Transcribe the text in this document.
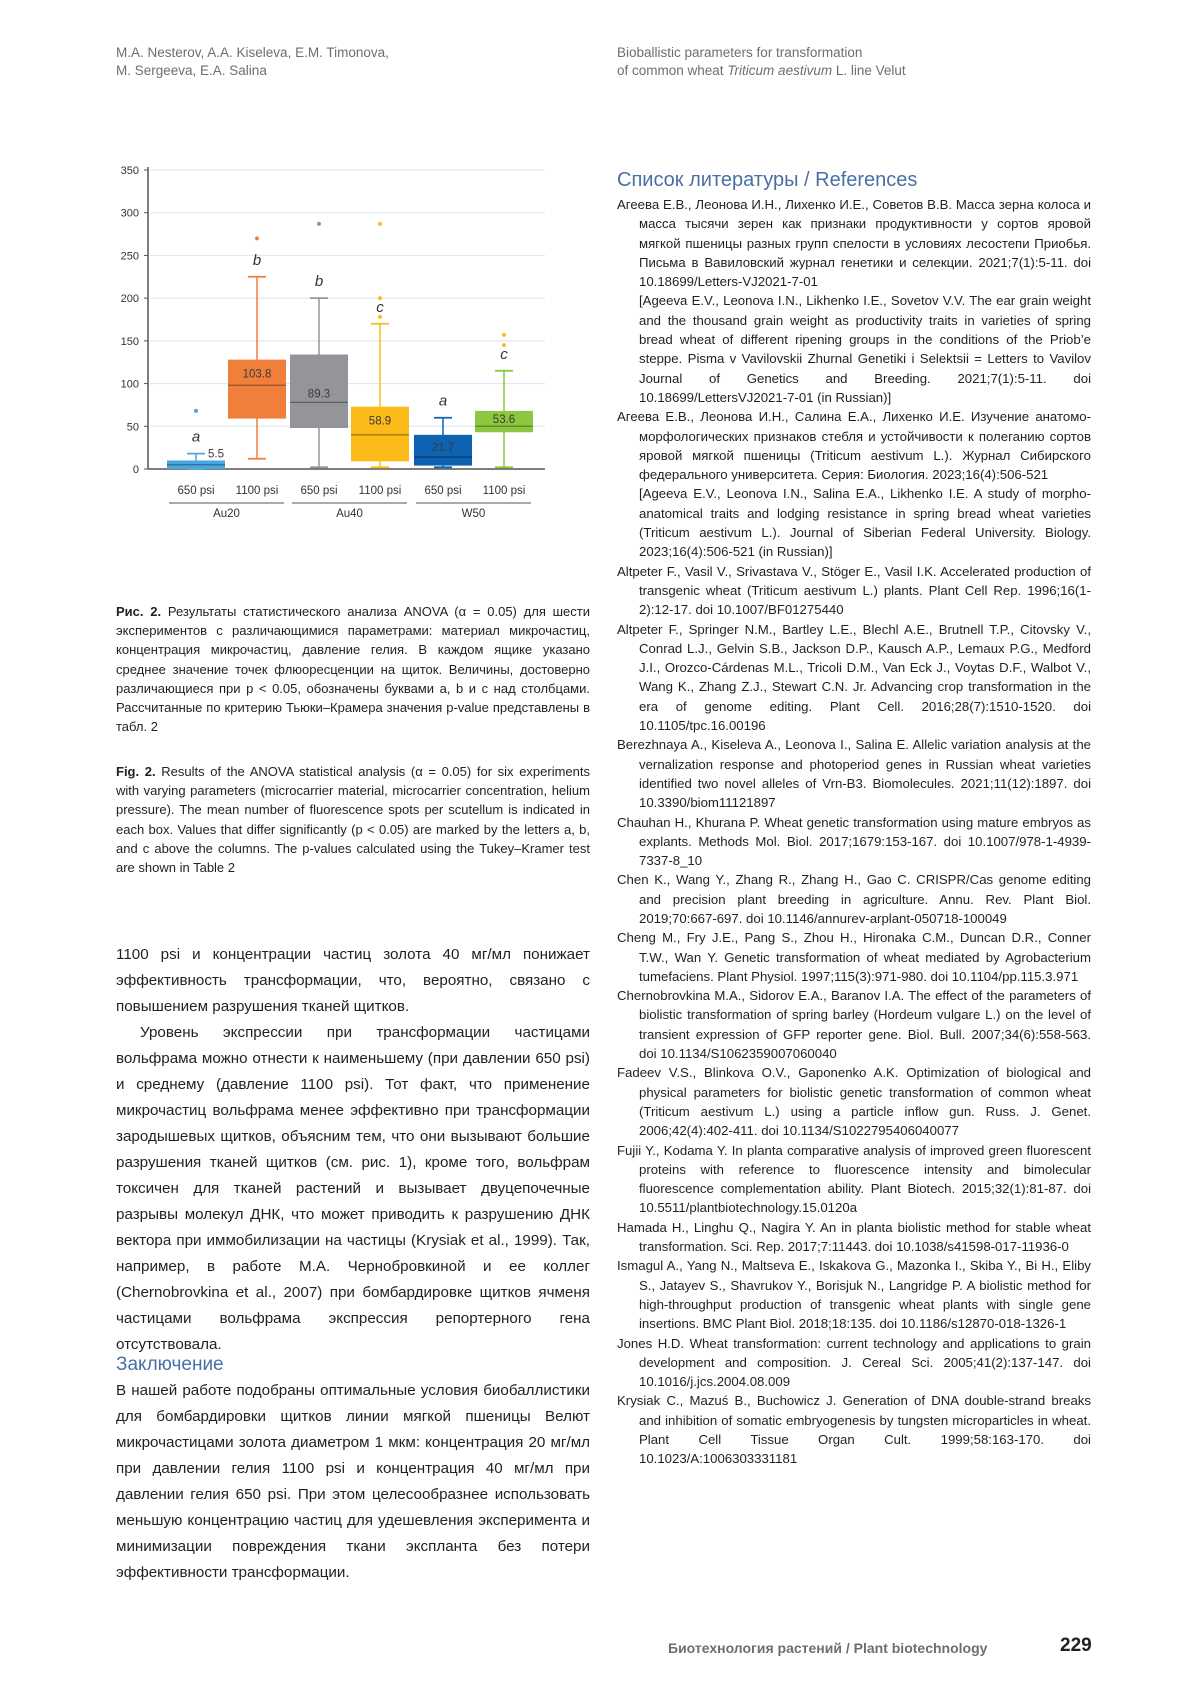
M.A. Nesterov, A.A. Kiseleva, E.M. Timonova,
M. Sergeeva, E.A. Salina
Bioballistic parameters for transformation
of common wheat Triticum aestivum L. line Velut
0
50
100
150
200
250
300
350
5.5
a
650 psi
103.8
b
1100 psi
89.3
b
650 psi
58.9
c
1100 psi
21.7
a
650 psi
53.6
c
1100 psi
Au20	Au40	W50
Рис. 2. Результаты статистического анализа ANOVA (α = 0.05) для шести экспериментов с различающимися параметрами: материал микрочастиц, концентрация микрочастиц, давление гелия. В каждом ящике указано среднее значение точек флюоресценции на щиток. Величины, достоверно различающиеся при p < 0.05, обозначены буквами a, b и c над столбцами. Рассчитанные по критерию Тьюки–Крамера значения p-value представлены в табл. 2
Fig. 2. Results of the ANOVA statistical analysis (α = 0.05) for six experiments with varying parameters (microcarrier material, microcarrier concentration, helium pressure). The mean number of fluorescence spots per scutellum is indicated in each box. Values that differ significantly (p < 0.05) are marked by the letters a, b, and c above the columns. The p-values calculated using the Tukey–Kramer test are shown in Table 2

1100 psi и концентрации частиц золота 40 мг/мл понижает эффективность трансформации, что, вероятно, связано с повышением разрушения тканей щитков.

Уровень экспрессии при трансформации частицами вольфрама можно отнести к наименьшему (при давлении 650 psi) и среднему (давление 1100 psi). Тот факт, что применение микрочастиц вольфрама менее эффективно при трансформации зародышевых щитков, объясним тем, что они вызывают большие разрушения тканей щитков (см. рис. 1), кроме того, вольфрам токсичен для тканей растений и вызывает двуцепочечные разрывы молекул ДНК, что может приводить к разрушению ДНК вектора при иммобилизации на частицы (Krysiak et al., 1999). Так, например, в работе М.А. Чернобровкиной и ее коллег (Chernobrovkina et al., 2007) при бомбардировке щитков ячменя частицами вольфрама экспрессия репортерного гена отсутствовала.

Заключение

В нашей работе подобраны оптимальные условия биобаллистики для бомбардировки щитков линии мягкой пшеницы Велют микрочастицами золота диаметром 1 мкм: концентрация 20 мг/мл при давлении гелия 1100 psi и концентрация 40 мг/мл при давлении гелия 650 psi. При этом целесообразнее использовать меньшую концентрацию частиц для удешевления эксперимента и минимизации повреждения ткани экспланта без потери эффективности трансформации.

Список литературы / References

Агеева Е.В., Леонова И.Н., Лихенко И.Е., Советов В.В. Масса зерна колоса и масса тысячи зерен как признаки продуктивности у сортов яровой мягкой пшеницы разных групп спелости в условиях лесостепи Приобья. Письма в Вавиловский журнал генетики и селекции. 2021;7(1):5-11. doi 10.18699/Letters-VJ2021-7-01
[Ageeva E.V., Leonova I.N., Likhenko I.E., Sovetov V.V. The ear grain weight and the thousand grain weight as productivity traits in varieties of spring bread wheat of different ripening groups in the conditions of the Priob’e steppe. Pisma v Vavilovskii Zhurnal Genetiki i Selektsii = Letters to Vavilov Journal of Genetics and Breeding. 2021;7(1):5-11. doi 10.18699/LettersVJ2021-7-01 (in Russian)]

Агеева Е.В., Леонова И.Н., Салина Е.А., Лихенко И.Е. Изучение анатомо-морфологических признаков стебля и устойчивости к полеганию сортов яровой мягкой пшеницы (Triticum aestivum L.). Журнал Сибирского федерального университета. Серия: Биология. 2023;16(4):506-521
[Ageeva E.V., Leonova I.N., Salina E.A., Likhenko I.E. A study of morpho-anatomical traits and lodging resistance in spring bread wheat varieties (Triticum aestivum L.). Journal of Siberian Federal University. Biology. 2023;16(4):506-521 (in Russian)]

Altpeter F., Vasil V., Srivastava V., Stöger E., Vasil I.K. Accelerated production of transgenic wheat (Triticum aestivum L.) plants. Plant Cell Rep. 1996;16(1-2):12-17. doi 10.1007/BF01275440

Altpeter F., Springer N.M., Bartley L.E., Blechl A.E., Brutnell T.P., Citovsky V., Conrad L.J., Gelvin S.B., Jackson D.P., Kausch A.P., Lemaux P.G., Medford J.I., Orozco-Cárdenas M.L., Tricoli D.M., Van Eck J., Voytas D.F., Walbot V., Wang K., Zhang Z.J., Stewart C.N. Jr. Advancing crop transformation in the era of genome editing. Plant Cell. 2016;28(7):1510-1520. doi 10.1105/tpc.16.00196

Berezhnaya A., Kiseleva A., Leonova I., Salina E. Allelic variation analysis at the vernalization response and photoperiod genes in Russian wheat varieties identified two novel alleles of Vrn-B3. Biomolecules. 2021;11(12):1897. doi 10.3390/biom11121897

Chauhan H., Khurana P. Wheat genetic transformation using mature embryos as explants. Methods Mol. Biol. 2017;1679:153-167. doi 10.1007/978-1-4939-7337-8_10

Chen K., Wang Y., Zhang R., Zhang H., Gao C. CRISPR/Cas genome editing and precision plant breeding in agriculture. Annu. Rev. Plant Biol. 2019;70:667-697. doi 10.1146/annurev-arplant-050718-100049

Cheng M., Fry J.E., Pang S., Zhou H., Hironaka C.M., Duncan D.R., Conner T.W., Wan Y. Genetic transformation of wheat mediated by Agrobacterium tumefaciens. Plant Physiol. 1997;115(3):971-980. doi 10.1104/pp.115.3.971

Chernobrovkina M.A., Sidorov E.A., Baranov I.A. The effect of the parameters of biolistic transformation of spring barley (Hordeum vulgare L.) on the level of transient expression of GFP reporter gene. Biol. Bull. 2007;34(6):558-563. doi 10.1134/S1062359007060040

Fadeev V.S., Blinkova O.V., Gaponenko A.K. Optimization of biological and physical parameters for biolistic genetic transformation of common wheat (Triticum aestivum L.) using a particle inflow gun. Russ. J. Genet. 2006;42(4):402-411. doi 10.1134/S1022795406040077

Fujii Y., Kodama Y. In planta comparative analysis of improved green fluorescent proteins with reference to fluorescence intensity and bimolecular fluorescence complementation ability. Plant Biotech. 2015;32(1):81-87. doi 10.5511/plantbiotechnology.15.0120a

Hamada H., Linghu Q., Nagira Y. An in planta biolistic method for stable wheat transformation. Sci. Rep. 2017;7:11443. doi 10.1038/s41598-017-11936-0

Ismagul A., Yang N., Maltseva E., Iskakova G., Mazonka I., Skiba Y., Bi H., Eliby S., Jatayev S., Shavrukov Y., Borisjuk N., Langridge P. A biolistic method for high-throughput production of transgenic wheat plants with single gene insertions. BMC Plant Biol. 2018;18:135. doi 10.1186/s12870-018-1326-1

Jones H.D. Wheat transformation: current technology and applications to grain development and composition. J. Cereal Sci. 2005;41(2):137-147. doi 10.1016/j.jcs.2004.08.009

Krysiak C., Mazuś B., Buchowicz J. Generation of DNA double-strand breaks and inhibition of somatic embryogenesis by tungsten microparticles in wheat. Plant Cell Tissue Organ Cult. 1999;58:163-170. doi 10.1023/A:1006303331181

Биотехнология растений / Plant biotechnology	229
